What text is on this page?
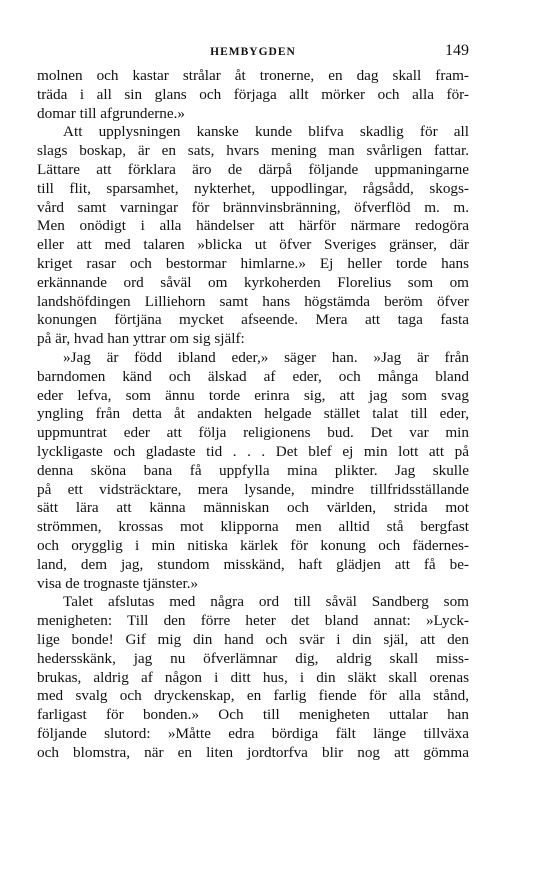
HEMBYGDEN	149
molnen och kastar strålar åt tronerne, en dag skall fram-
träda i all sin glans och förjaga allt mörker och alla för-
domar till afgrunderne.»
Att upplysningen kanske kunde blifva skadlig för all
slags boskap, är en sats, hvars mening man svårligen fattar.
Lättare att förklara äro de därpå följande uppmaningarne
till flit, sparsamhet, nykterhet, uppodlingar, rågsådd, skogs-
vård samt varningar för brännvinsbränning, öfverflöd m. m.
Men onödigt i alla händelser att härför närmare redogöra
eller att med talaren »blicka ut öfver Sveriges gränser, där
kriget rasar och bestormar himlarne.» Ej heller torde hans
erkännande ord såväl om kyrkoherden Florelius som om
landshöfdingen Lilliehorn samt hans högstämda beröm öfver
konungen förtjäna mycket afseende. Mera att taga fasta
på är, hvad han yttrar om sig själf:
»Jag är född ibland eder,» säger han. »Jag är från
barndomen känd och älskad af eder, och många bland
eder lefva, som ännu torde erinra sig, att jag som svag
yngling från detta åt andakten helgade stället talat till eder,
uppmuntrat eder att följa religionens bud. Det var min
lyckligaste och gladaste tid . . . Det blef ej min lott att på
denna sköna bana få uppfylla mina plikter. Jag skulle
på ett vidsträcktare, mera lysande, mindre tillfridsställande
sätt lära att känna människan och världen, strida mot
strömmen, krossas mot klipporna men alltid stå bergfast
och orygglig i min nitiska kärlek för konung och fädernes-
land, dem jag, stundom misskänd, haft glädjen att få be-
visa de trognaste tjänster.»
Talet afslutas med några ord till såväl Sandberg som
menigheten: Till den förre heter det bland annat: »Lyck-
lige bonde! Gif mig din hand och svär i din själ, att den
hedersskänk, jag nu öfverlämnar dig, aldrig skall miss-
brukas, aldrig af någon i ditt hus, i din släkt skall orenas
med svalg och dryckenskap, en farlig fiende för alla stånd,
farligast för bonden.» Och till menigheten uttalar han
följande slutord: »Måtte edra bördiga fält länge tillväxa
och blomstra, när en liten jordtorfva blir nog att gömma
